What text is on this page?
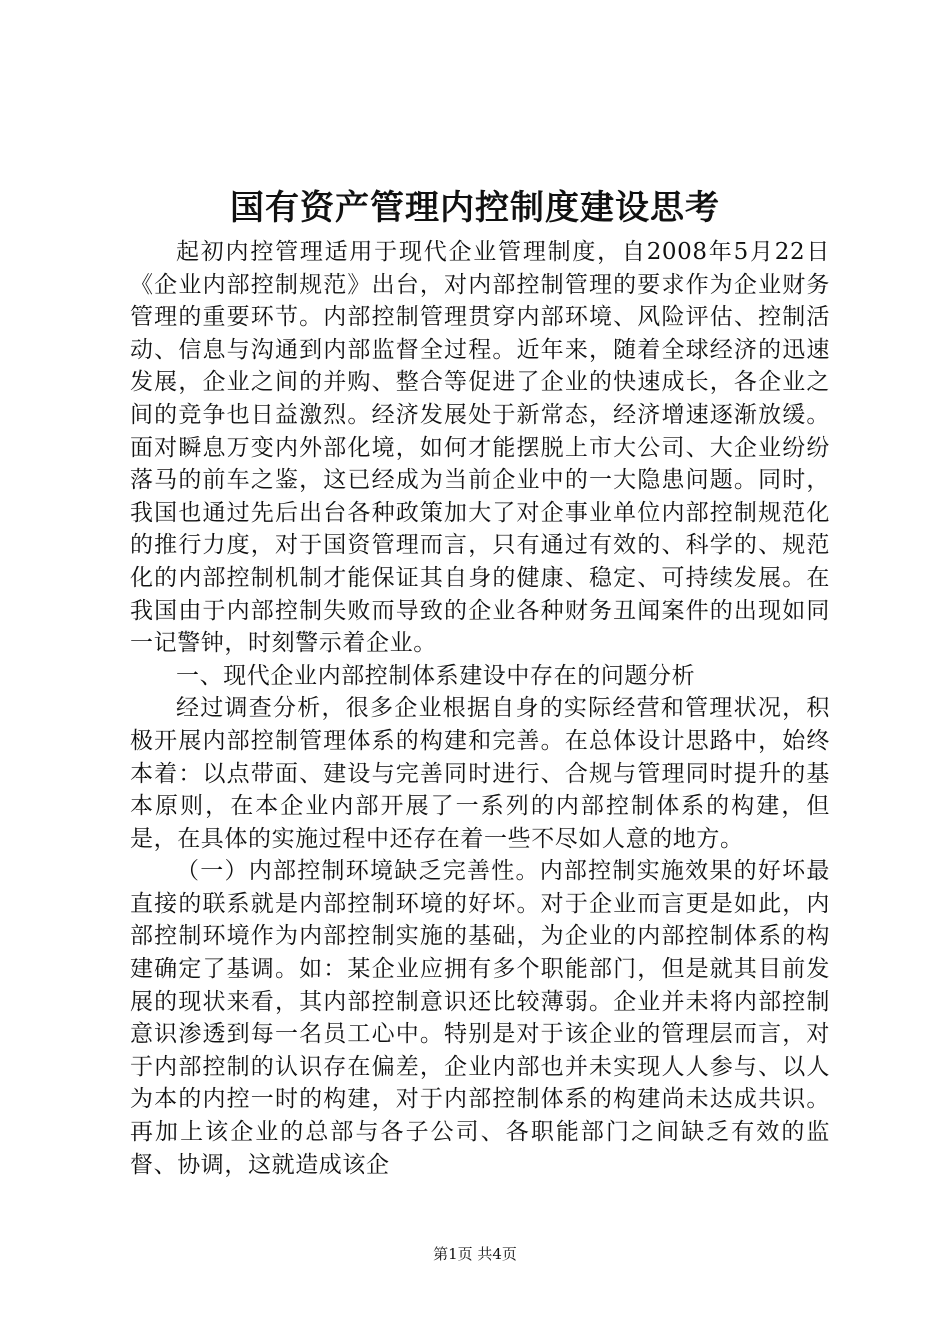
国有资产管理内控制度建设思考

起初内控管理适用于现代企业管理制度，自2008年5月22日《企业内部控制规范》出台，对内部控制管理的要求作为企业财务管理的重要环节。内部控制管理贯穿内部环境、风险评估、控制活动、信息与沟通到内部监督全过程。近年来，随着全球经济的迅速发展，企业之间的并购、整合等促进了企业的快速成长，各企业之间的竞争也日益激烈。经济发展处于新常态，经济增速逐渐放缓。面对瞬息万变内外部化境，如何才能摆脱上市大公司、大企业纷纷落马的前车之鉴，这已经成为当前企业中的一大隐患问题。同时，我国也通过先后出台各种政策加大了对企事业单位内部控制规范化的推行力度，对于国资管理而言，只有通过有效的、科学的、规范化的内部控制机制才能保证其自身的健康、稳定、可持续发展。在我国由于内部控制失败而导致的企业各种财务丑闻案件的出现如同一记警钟，时刻警示着企业。

一、现代企业内部控制体系建设中存在的问题分析

经过调查分析，很多企业根据自身的实际经营和管理状况，积极开展内部控制管理体系的构建和完善。在总体设计思路中，始终本着：以点带面、建设与完善同时进行、合规与管理同时提升的基本原则，在本企业内部开展了一系列的内部控制体系的构建，但是，在具体的实施过程中还存在着一些不尽如人意的地方。

（一）内部控制环境缺乏完善性。内部控制实施效果的好坏最直接的联系就是内部控制环境的好坏。对于企业而言更是如此，内部控制环境作为内部控制实施的基础，为企业的内部控制体系的构建确定了基调。如：某企业应拥有多个职能部门，但是就其目前发展的现状来看，其内部控制意识还比较薄弱。企业并未将内部控制意识渗透到每一名员工心中。特别是对于该企业的管理层而言，对于内部控制的认识存在偏差，企业内部也并未实现人人参与、以人为本的内控一时的构建，对于内部控制体系的构建尚未达成共识。再加上该企业的总部与各子公司、各职能部门之间缺乏有效的监督、协调，这就造成该企

第1页 共4页
